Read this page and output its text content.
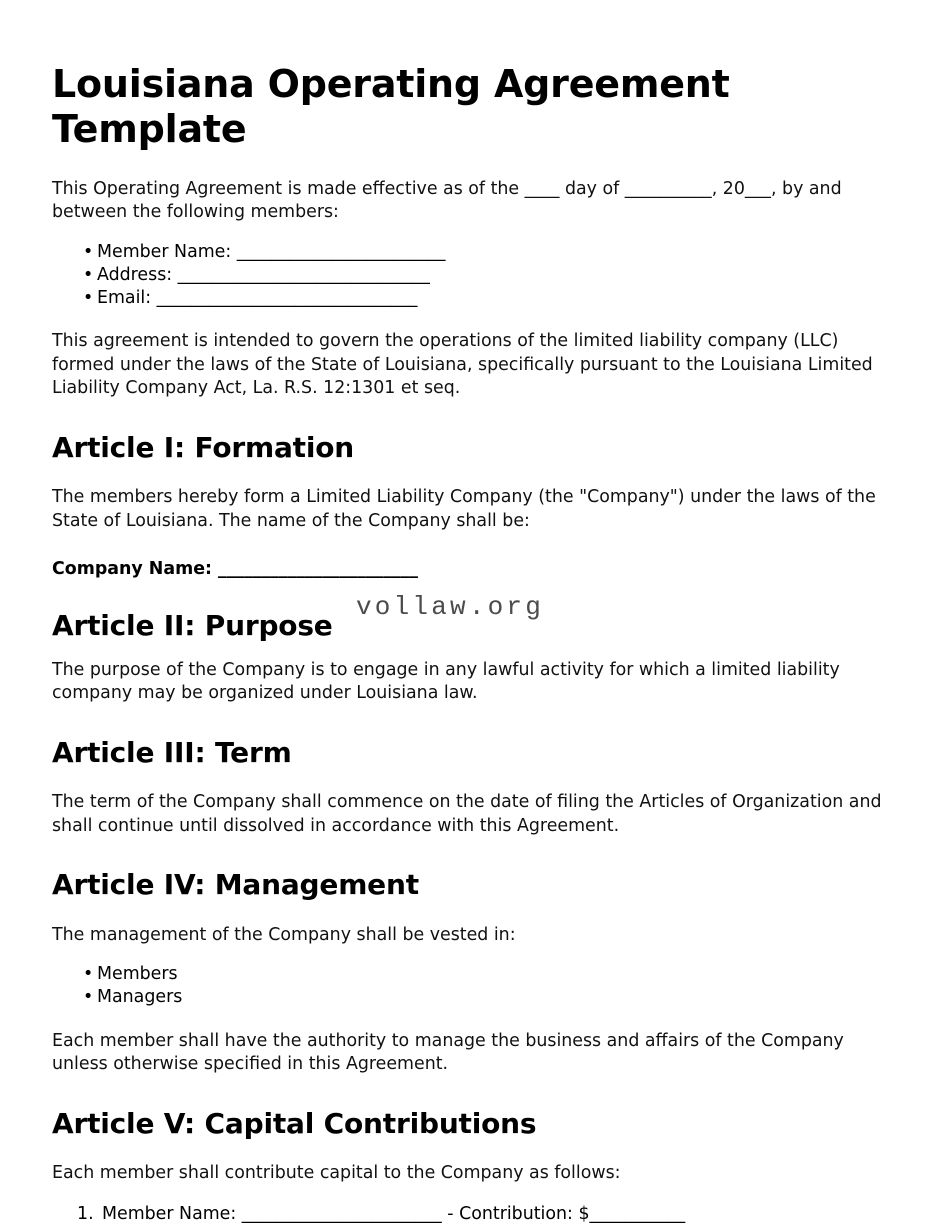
Louisiana Operating Agreement Template

This Operating Agreement is made effective as of the ____ day of __________, 20___, by and between the following members:

• Member Name: ________________________
• Address: _____________________________
• Email: ______________________________

This agreement is intended to govern the operations of the limited liability company (LLC) formed under the laws of the State of Louisiana, specifically pursuant to the Louisiana Limited Liability Company Act, La. R.S. 12:1301 et seq.

Article I: Formation

The members hereby form a Limited Liability Company (the "Company") under the laws of the State of Louisiana. The name of the Company shall be:

Company Name: _______________________

Article II: Purpose

The purpose of the Company is to engage in any lawful activity for which a limited liability company may be organized under Louisiana law.

Article III: Term

The term of the Company shall commence on the date of filing the Articles of Organization and shall continue until dissolved in accordance with this Agreement.

Article IV: Management

The management of the Company shall be vested in:

• Members
• Managers

Each member shall have the authority to manage the business and affairs of the Company unless otherwise specified in this Agreement.

Article V: Capital Contributions

Each member shall contribute capital to the Company as follows:

Member Name: _______________________ - Contribution: $___________
vollaw.org
